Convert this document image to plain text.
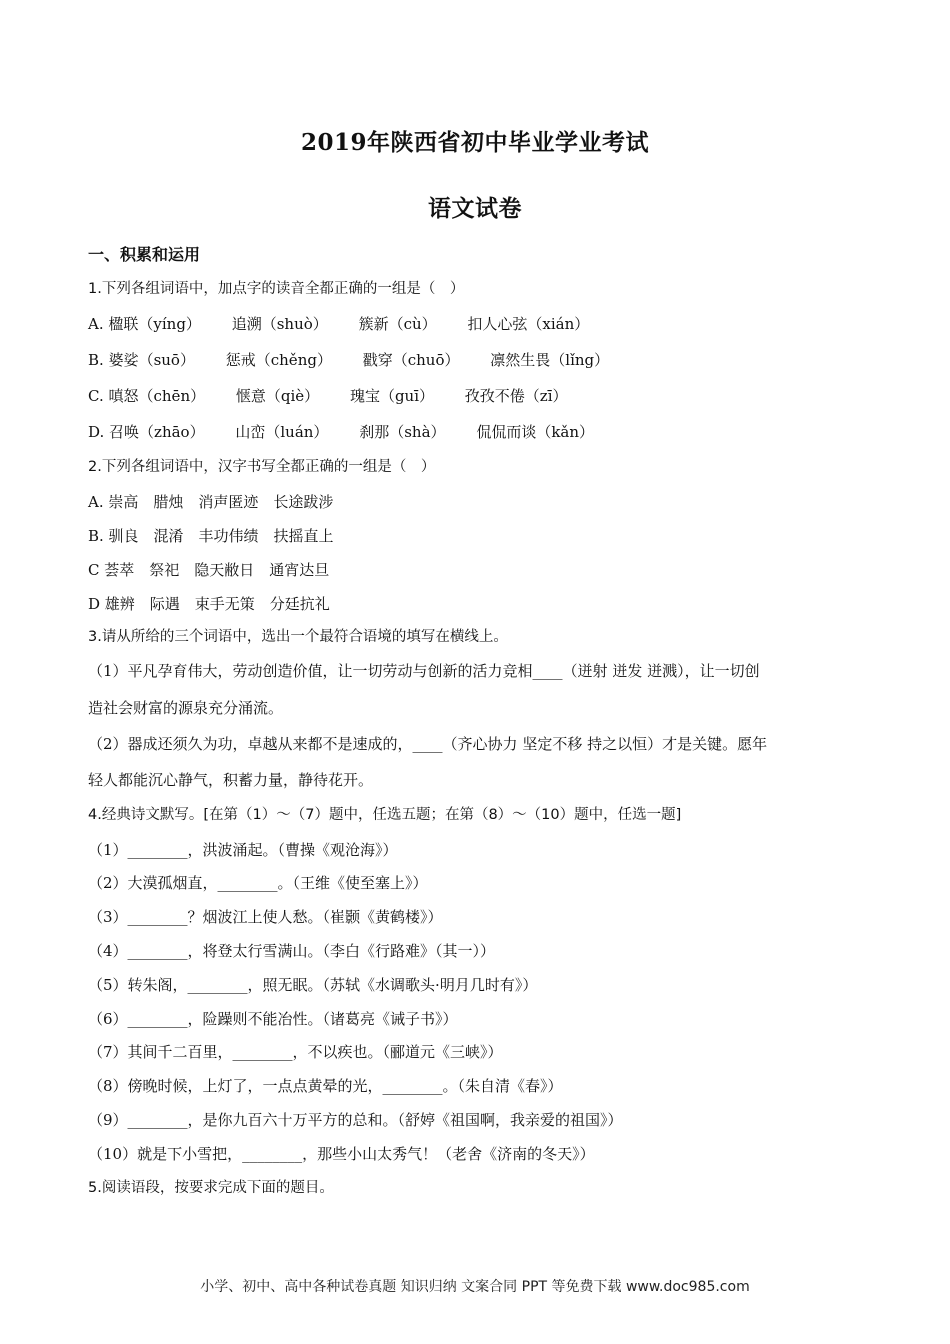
2019年陕西省初中毕业学业考试
语文试卷
一、积累和运用
1.下列各组词语中，加点字的读音全都正确的一组是（　）
A. 楹联（yíng） 追溯（shuò） 簇新（cù） 扣人心弦（xián）
B. 婆娑（suō） 惩戒（chěng） 戳穿（chuō） 凛然生畏（lǐng）
C. 嗔怒（chēn） 惬意（qiè） 瑰宝（guī） 孜孜不倦（zī）
D. 召唤（zhāo） 山峦（luán） 刹那（shà） 侃侃而谈（kǎn）
2.下列各组词语中，汉字书写全都正确的一组是（　）
A. 崇高　腊烛　消声匿迹　长途跋涉
B. 驯良　混淆　丰功伟绩　扶摇直上
C 荟萃　祭祀　隐天敝日　通宵达旦
D 雄辨　际遇　束手无策　分廷抗礼
3.请从所给的三个词语中，选出一个最符合语境的填写在横线上。
（1）平凡孕育伟大，劳动创造价值，让一切劳动与创新的活力竞相____（迸射 迸发 迸溅），让一切创
造社会财富的源泉充分涌流。
（2）器成还须久为功，卓越从来都不是速成的，____（齐心协力 坚定不移 持之以恒）才是关键。愿年
轻人都能沉心静气，积蓄力量，静待花开。
4.经典诗文默写。[在第（1）～（7）题中，任选五题；在第（8）～（10）题中，任选一题]
（1）________，洪波涌起。（曹操《观沧海》）
（2）大漠孤烟直，________。（王维《使至塞上》）
（3）________？烟波江上使人愁。（崔颢《黄鹤楼》）
（4）________，将登太行雪满山。（李白《行路难》（其一））
（5）转朱阁，________，照无眠。（苏轼《水调歌头·明月几时有》）
（6）________，险躁则不能冶性。（诸葛亮《诫子书》）
（7）其间千二百里，________，不以疾也。（郦道元《三峡》）
（8）傍晚时候，上灯了，一点点黄晕的光，________。（朱自清《春》）
（9）________，是你九百六十万平方的总和。（舒婷《祖国啊，我亲爱的祖国》）
（10）就是下小雪把，________，那些小山太秀气！（老舍《济南的冬天》）
5.阅读语段，按要求完成下面的题目。
小学、初中、高中各种试卷真题 知识归纳 文案合同 PPT 等免费下载 www.doc985.com
